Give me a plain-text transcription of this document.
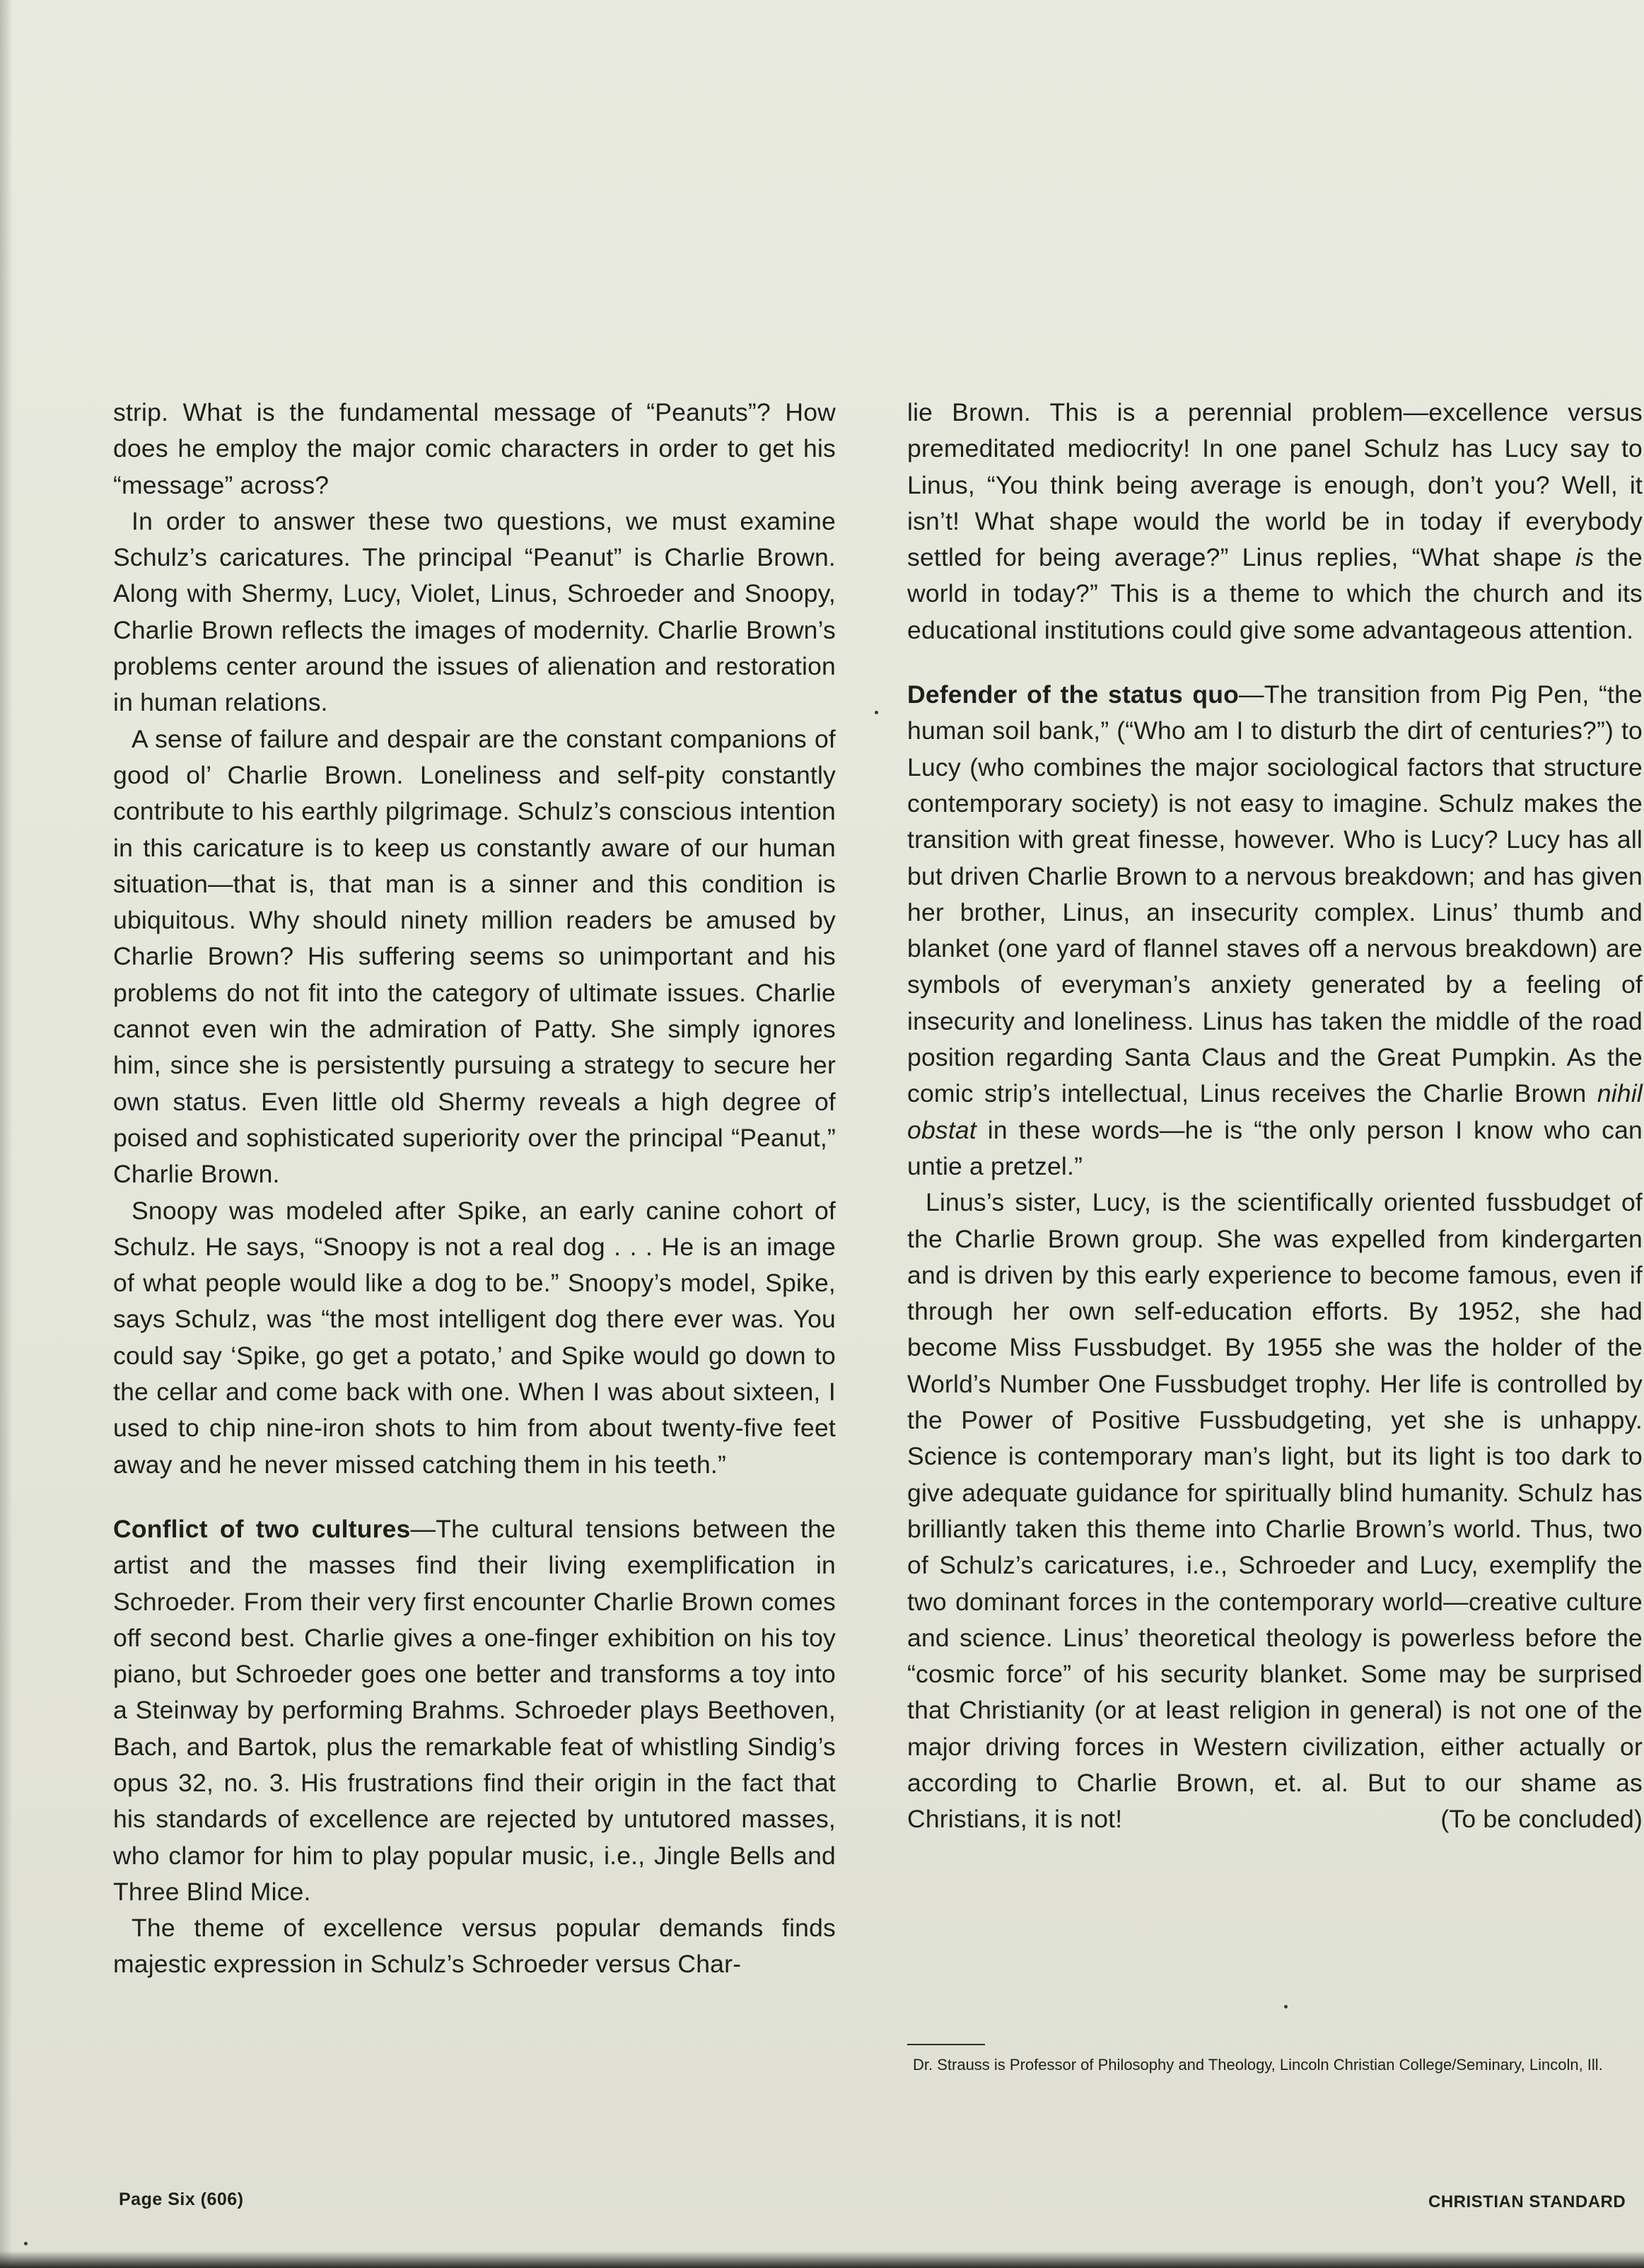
strip. What is the fundamental message of “Peanuts”? How does he employ the major comic characters in order to get his “message” across?

In order to answer these two questions, we must examine Schulz’s caricatures. The principal “Peanut” is Charlie Brown. Along with Shermy, Lucy, Violet, Linus, Schroeder and Snoopy, Charlie Brown reflects the images of modernity. Charlie Brown’s problems center around the issues of alienation and restoration in human relations.

A sense of failure and despair are the constant companions of good ol’ Charlie Brown. Loneliness and self-pity constantly contribute to his earthly pilgrimage. Schulz’s conscious intention in this caricature is to keep us constantly aware of our human situation—that is, that man is a sinner and this condition is ubiquitous. Why should ninety million readers be amused by Charlie Brown? His suffering seems so unimportant and his problems do not fit into the category of ultimate issues. Charlie cannot even win the admiration of Patty. She simply ignores him, since she is persistently pursuing a strategy to secure her own status. Even little old Shermy reveals a high degree of poised and sophisticated superiority over the principal “Peanut,” Charlie Brown.

Snoopy was modeled after Spike, an early canine cohort of Schulz. He says, “Snoopy is not a real dog . . . He is an image of what people would like a dog to be.” Snoopy’s model, Spike, says Schulz, was “the most intelligent dog there ever was. You could say ‘Spike, go get a potato,’ and Spike would go down to the cellar and come back with one. When I was about sixteen, I used to chip nine-iron shots to him from about twenty-five feet away and he never missed catching them in his teeth.”

Conflict of two cultures—The cultural tensions between the artist and the masses find their living exemplification in Schroeder. From their very first encounter Charlie Brown comes off second best. Charlie gives a one-finger exhibition on his toy piano, but Schroeder goes one better and transforms a toy into a Steinway by performing Brahms. Schroeder plays Beethoven, Bach, and Bartok, plus the remarkable feat of whistling Sindig’s opus 32, no. 3. His frustrations find their origin in the fact that his standards of excellence are rejected by untutored masses, who clamor for him to play popular music, i.e., Jingle Bells and Three Blind Mice.

The theme of excellence versus popular demands finds majestic expression in Schulz’s Schroeder versus Char-

lie Brown. This is a perennial problem—excellence versus premeditated mediocrity! In one panel Schulz has Lucy say to Linus, “You think being average is enough, don’t you? Well, it isn’t! What shape would the world be in today if everybody settled for being average?” Linus replies, “What shape is the world in today?” This is a theme to which the church and its educational institutions could give some advantageous attention.

Defender of the status quo—The transition from Pig Pen, “the human soil bank,” (“Who am I to disturb the dirt of centuries?”) to Lucy (who combines the major sociological factors that structure contemporary society) is not easy to imagine. Schulz makes the transition with great finesse, however. Who is Lucy? Lucy has all but driven Charlie Brown to a nervous breakdown; and has given her brother, Linus, an insecurity complex. Linus’ thumb and blanket (one yard of flannel staves off a nervous breakdown) are symbols of everyman’s anxiety generated by a feeling of insecurity and loneliness. Linus has taken the middle of the road position regarding Santa Claus and the Great Pumpkin. As the comic strip’s intellectual, Linus receives the Charlie Brown nihil obstat in these words—he is “the only person I know who can untie a pretzel.”

Linus’s sister, Lucy, is the scientifically oriented fussbudget of the Charlie Brown group. She was expelled from kindergarten and is driven by this early experience to become famous, even if through her own self-education efforts. By 1952, she had become Miss Fussbudget. By 1955 she was the holder of the World’s Number One Fussbudget trophy. Her life is controlled by the Power of Positive Fussbudgeting, yet she is unhappy. Science is contemporary man’s light, but its light is too dark to give adequate guidance for spiritually blind humanity. Schulz has brilliantly taken this theme into Charlie Brown’s world. Thus, two of Schulz’s caricatures, i.e., Schroeder and Lucy, exemplify the two dominant forces in the contemporary world—creative culture and science. Linus’ theoretical theology is powerless before the “cosmic force” of his security blanket. Some may be surprised that Christianity (or at least religion in general) is not one of the major driving forces in Western civilization, either actually or according to Charlie Brown, et. al. But to our shame as Christians, it is not!	(To be concluded)

Dr. Strauss is Professor of Philosophy and Theology, Lincoln Christian College/Seminary, Lincoln, Ill.
Page Six (606)	CHRISTIAN STANDARD
